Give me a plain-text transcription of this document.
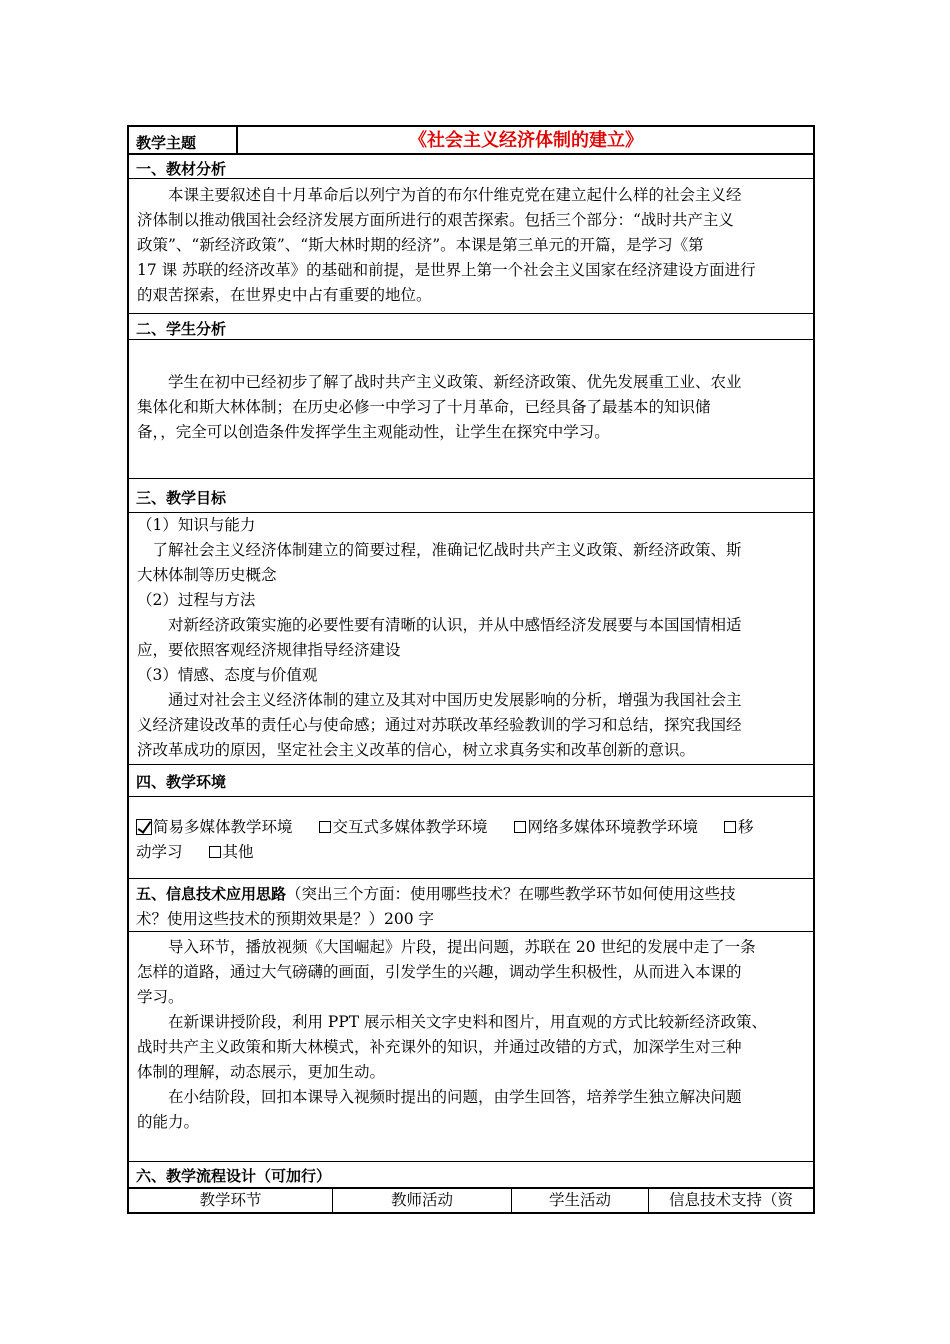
教学主题	《社会主义经济体制的建立》
一、教材分析
本课主要叙述自十月革命后以列宁为首的布尔什维克党在建立起什么样的社会主义经
济体制以推动俄国社会经济发展方面所进行的艰苦探索。包括三个部分：“战时共产主义
政策”、“新经济政策”、“斯大林时期的经济”。本课是第三单元的开篇，是学习《第
17 课 苏联的经济改革》的基础和前提，是世界上第一个社会主义国家在经济建设方面进行
的艰苦探索，在世界史中占有重要的地位。
二、学生分析
学生在初中已经初步了解了战时共产主义政策、新经济政策、优先发展重工业、农业
集体化和斯大林体制；在历史必修一中学习了十月革命，已经具备了最基本的知识储
备，，完全可以创造条件发挥学生主观能动性，让学生在探究中学习。
三、教学目标
（1）知识与能力
了解社会主义经济体制建立的简要过程，准确记忆战时共产主义政策、新经济政策、斯
大林体制等历史概念
（2）过程与方法
对新经济政策实施的必要性要有清晰的认识，并从中感悟经济发展要与本国国情相适
应，要依照客观经济规律指导经济建设
（3）情感、态度与价值观
通过对社会主义经济体制的建立及其对中国历史发展影响的分析，增强为我国社会主
义经济建设改革的责任心与使命感；通过对苏联改革经验教训的学习和总结，探究我国经
济改革成功的原因，坚定社会主义改革的信心，树立求真务实和改革创新的意识。
四、教学环境
简易多媒体教学环境	交互式多媒体教学环境	网络多媒体环境教学环境	移
动学习	其他
五、信息技术应用思路（突出三个方面：使用哪些技术？在哪些教学环节如何使用这些技
术？使用这些技术的预期效果是？）200 字
导入环节，播放视频《大国崛起》片段，提出问题，苏联在 20 世纪的发展中走了一条
怎样的道路，通过大气磅礴的画面，引发学生的兴趣，调动学生积极性，从而进入本课的
学习。
在新课讲授阶段，利用 PPT 展示相关文字史料和图片，用直观的方式比较新经济政策、
战时共产主义政策和斯大林模式，补充课外的知识，并通过改错的方式，加深学生对三种
体制的理解，动态展示，更加生动。
在小结阶段，回扣本课导入视频时提出的问题，由学生回答，培养学生独立解决问题
的能力。
六、教学流程设计（可加行）
教学环节	教师活动	学生活动	信息技术支持（资
